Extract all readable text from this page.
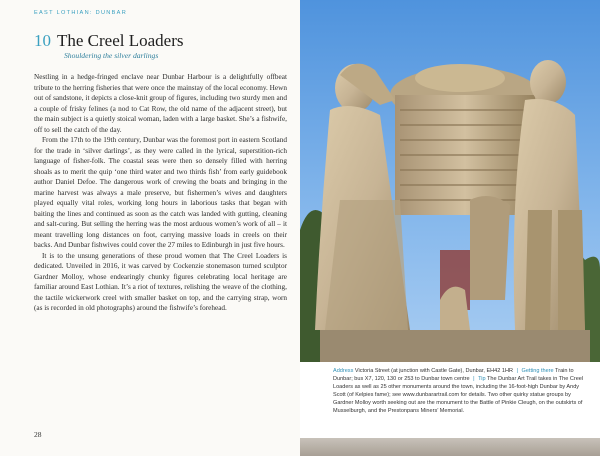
EAST LOTHIAN: DUNBAR
10 The Creel Loaders
Shouldering the silver darlings

Nestling in a hedge-fringed enclave near Dunbar Harbour is a delightfully offbeat tribute to the herring fisheries that were once the mainstay of the local economy. Hewn out of sandstone, it depicts a close-knit group of figures, including two sturdy men and a couple of frisky felines (a nod to Cat Row, the old name of the adjacent street), but the main subject is a quietly stoical woman, laden with a large basket. She’s a fishwife, off to sell the catch of the day.

From the 17th to the 19th century, Dunbar was the foremost port in eastern Scotland for the trade in ‘silver darlings’, as they were called in the lyrical, superstition-rich language of fisher-folk. The coastal seas were then so densely filled with herring shoals as to merit the quip ‘one third water and two thirds fish’ from early guidebook author Daniel Defoe. The dangerous work of crewing the boats and bringing in the marine harvest was always a male preserve, but fishermen’s wives and daughters played equally vital roles, working long hours in laborious tasks that began with baiting the lines and continued as soon as the catch was landed with gutting, cleaning and salt-curing. But selling the herring was the most arduous women’s work of all – it meant travelling long distances on foot, carrying massive loads in creels on their backs. And Dunbar fishwives could cover the 27 miles to Edinburgh in just five hours.

It is to the unsung generations of these proud women that The Creel Loaders is dedicated. Unveiled in 2016, it was carved by Cockenzie stonemason turned sculptor Gardner Molloy, whose endearingly chunky figures celebrating local heritage are familiar around East Lothian. It’s a riot of textures, relishing the weave of the clothing, the tactile wickerwork creel with smaller basket on top, and the carrying strap, worn (as is recorded in old photographs) around the fishwife’s forehead.

28
Address Victoria Street (at junction with Castle Gate), Dunbar, EH42 1HR | Getting there Train to Dunbar; bus X7, 120, 130 or 253 to Dunbar town centre | Tip The Dunbar Art Trail takes in The Creel Loaders as well as 25 other monuments around the town, including the 16-foot-high Dunbar by Andy Scott (of Kelpies fame); see www.dunbarartrail.com for details. Two other quirky statue groups by Gardner Molloy worth seeking out are the monument to the Battle of Pinkie Cleugh, on the outskirts of Musselburgh, and the Prestonpans Miners’ Memorial.
